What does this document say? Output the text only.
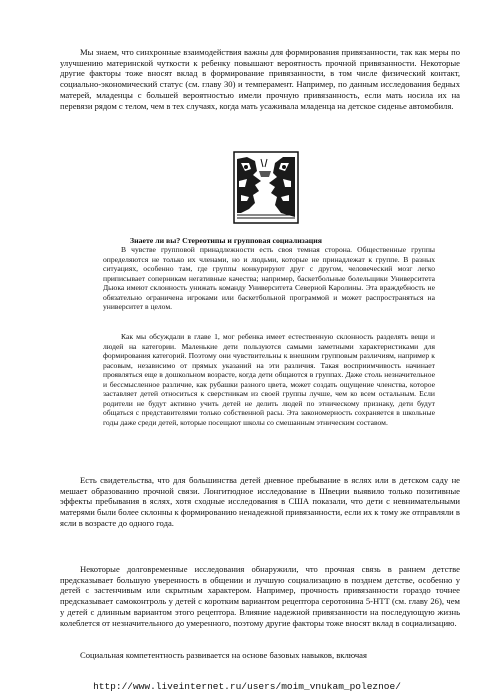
Мы знаем, что синхронные взаимодействия важны для формирования привязанности, так как меры по улучшению материнской чуткости к ребенку повышают вероятность прочной привязанности. Некоторые другие факторы тоже вносят вклад в формирование привязанности, в том числе физический контакт, социально-экономический статус (см. главу 30) и темперамент. Например, по данным исследования бедных матерей, младенцы с большей вероятностью имели прочную привязанность, если мать носила их на перевязи рядом с телом, чем в тех случаях, когда мать усаживала младенца на детское сиденье автомобиля.

Знаете ли вы? Стереотипы и групповая социализация

В чувстве групповой принадлежности есть своя темная сторона. Общественные группы определяются не только их членами, но и людьми, которые не принадлежат к группе. В разных ситуациях, особенно там, где группы конкурируют друг с другом, человеческий мозг легко приписывает соперникам негативные качества; например, баскетбольные болельщики Университета Дьюка имеют склонность унижать команду Университета Северной Каролины. Эта враждебность не обязательно ограничена игроками или баскетбольной программой и может распространяться на университет в целом.

Как мы обсуждали в главе 1, мог ребенка имеет естественную склонность разделять вещи и людей на категории. Маленькие дети пользуются самыми заметными характеристиками для формирования категорий. Поэтому они чувствительны к внешним групповым различиям, например к расовым, независимо от прямых указаний на эти различия. Такая восприимчивость начинает проявляться еще в дошкольном возрасте, когда дети общаются в группах. Даже столь незначительное и бессмысленное различие, как рубашки разного цвета, может создать ощущение членства, которое заставляет детей относиться к сверстникам из своей группы лучше, чем ко всем остальным. Если родители не будут активно учить детей не делить людей по этническому признаку, дети будут общаться с представителями только собственной расы. Эта закономерность сохраняется в школьные годы даже среди детей, которые посещают школы со смешанным этническим составом.

Есть свидетельства, что для большинства детей дневное пребывание в яслях или в детском саду не мешает образованию прочной связи. Лонгитюдное исследование в Швеции выявило только позитивные эффекты пребывания в яслях, хотя сходные исследования в США показали, что дети с невнимательными матерями были более склонны к формированию ненадежной привязанности, если их к тому же отправляли в ясли в возрасте до одного года.

Некоторые долговременные исследования обнаружили, что прочная связь в раннем детстве предсказывает большую уверенность в общении и лучшую социализацию в позднем детстве, особенно у детей с застенчивым или скрытным характером. Например, прочность привязанности гораздо точнее предсказывает самоконтроль у детей с коротким вариантом рецептора серотонина 5-HTT (см. главу 26), чем у детей с длинным вариантом этого рецептора. Влияние надежной привязанности на последующую жизнь колеблется от незначительного до умеренного, поэтому другие факторы тоже вносят вклад в социализацию.

Социальная компетентность развивается на основе базовых навыков, включая

http://www.liveinternet.ru/users/moim_vnukam_poleznoe/
